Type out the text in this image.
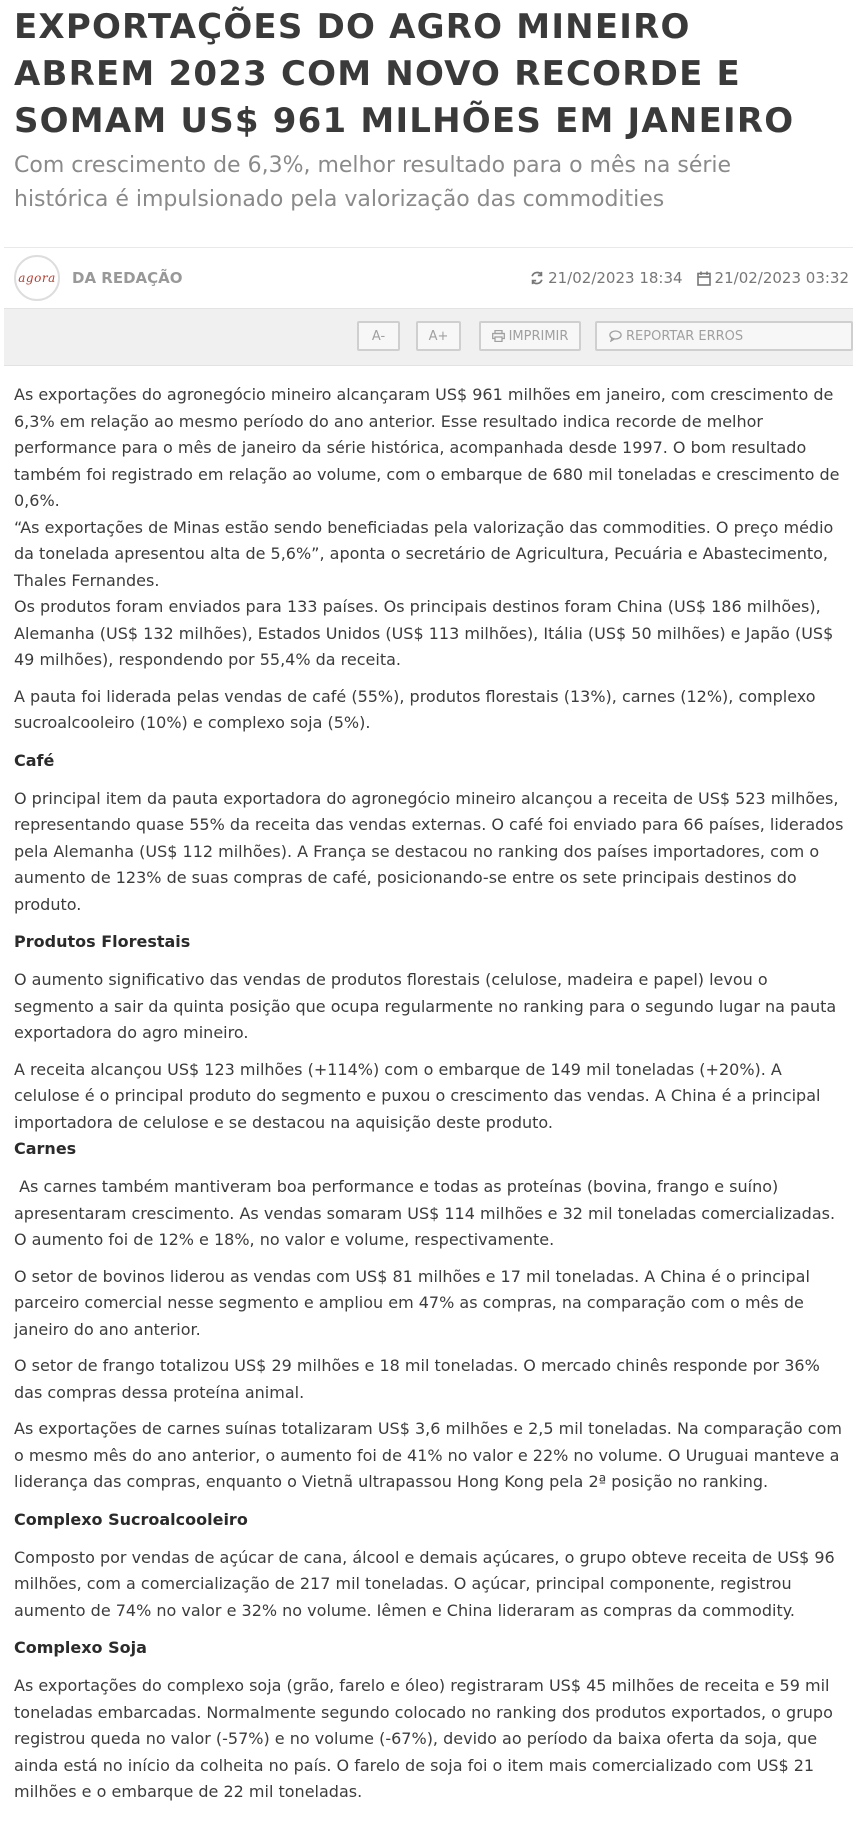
EXPORTAÇÕES DO AGRO MINEIRO ABREM 2023 COM NOVO RECORDE E SOMAM US$ 961 MILHÕES EM JANEIRO

Com crescimento de 6,3%, melhor resultado para o mês na série histórica é impulsionado pela valorização das commodities

agora DA REDAÇÃO	21/02/2023 18:34 21/02/2023 03:32
A-	A+	IMPRIMIR	REPORTAR ERROS

As exportações do agronegócio mineiro alcançaram US$ 961 milhões em janeiro, com crescimento de 6,3% em relação ao mesmo período do ano anterior. Esse resultado indica recorde de melhor performance para o mês de janeiro da série histórica, acompanhada desde 1997. O bom resultado também foi registrado em relação ao volume, com o embarque de 680 mil toneladas e crescimento de 0,6%.

“As exportações de Minas estão sendo beneficiadas pela valorização das commodities. O preço médio da tonelada apresentou alta de 5,6%”, aponta o secretário de Agricultura, Pecuária e Abastecimento, Thales Fernandes.

Os produtos foram enviados para 133 países. Os principais destinos foram China (US$ 186 milhões), Alemanha (US$ 132 milhões), Estados Unidos (US$ 113 milhões), Itália (US$ 50 milhões) e Japão (US$ 49 milhões), respondendo por 55,4% da receita.

A pauta foi liderada pelas vendas de café (55%), produtos florestais (13%), carnes (12%), complexo sucroalcooleiro (10%) e complexo soja (5%).

Café

O principal item da pauta exportadora do agronegócio mineiro alcançou a receita de US$ 523 milhões, representando quase 55% da receita das vendas externas. O café foi enviado para 66 países, liderados pela Alemanha (US$ 112 milhões). A França se destacou no ranking dos países importadores, com o aumento de 123% de suas compras de café, posicionando-se entre os sete principais destinos do produto.

Produtos Florestais

O aumento significativo das vendas de produtos florestais (celulose, madeira e papel) levou o segmento a sair da quinta posição que ocupa regularmente no ranking para o segundo lugar na pauta exportadora do agro mineiro.

A receita alcançou US$ 123 milhões (+114%) com o embarque de 149 mil toneladas (+20%). A celulose é o principal produto do segmento e puxou o crescimento das vendas. A China é a principal importadora de celulose e se destacou na aquisição deste produto.

Carnes

As carnes também mantiveram boa performance e todas as proteínas (bovina, frango e suíno) apresentaram crescimento. As vendas somaram US$ 114 milhões e 32 mil toneladas comercializadas. O aumento foi de 12% e 18%, no valor e volume, respectivamente.

O setor de bovinos liderou as vendas com US$ 81 milhões e 17 mil toneladas. A China é o principal parceiro comercial nesse segmento e ampliou em 47% as compras, na comparação com o mês de janeiro do ano anterior.

O setor de frango totalizou US$ 29 milhões e 18 mil toneladas. O mercado chinês responde por 36% das compras dessa proteína animal.

As exportações de carnes suínas totalizaram US$ 3,6 milhões e 2,5 mil toneladas. Na comparação com o mesmo mês do ano anterior, o aumento foi de 41% no valor e 22% no volume. O Uruguai manteve a liderança das compras, enquanto o Vietnã ultrapassou Hong Kong pela 2ª posição no ranking.

Complexo Sucroalcooleiro

Composto por vendas de açúcar de cana, álcool e demais açúcares, o grupo obteve receita de US$ 96 milhões, com a comercialização de 217 mil toneladas. O açúcar, principal componente, registrou aumento de 74% no valor e 32% no volume. Iêmen e China lideraram as compras da commodity.

Complexo Soja

As exportações do complexo soja (grão, farelo e óleo) registraram US$ 45 milhões de receita e 59 mil toneladas embarcadas. Normalmente segundo colocado no ranking dos produtos exportados, o grupo registrou queda no valor (-57%) e no volume (-67%), devido ao período da baixa oferta da soja, que ainda está no início da colheita no país. O farelo de soja foi o item mais comercializado com US$ 21 milhões e o embarque de 22 mil toneladas.
